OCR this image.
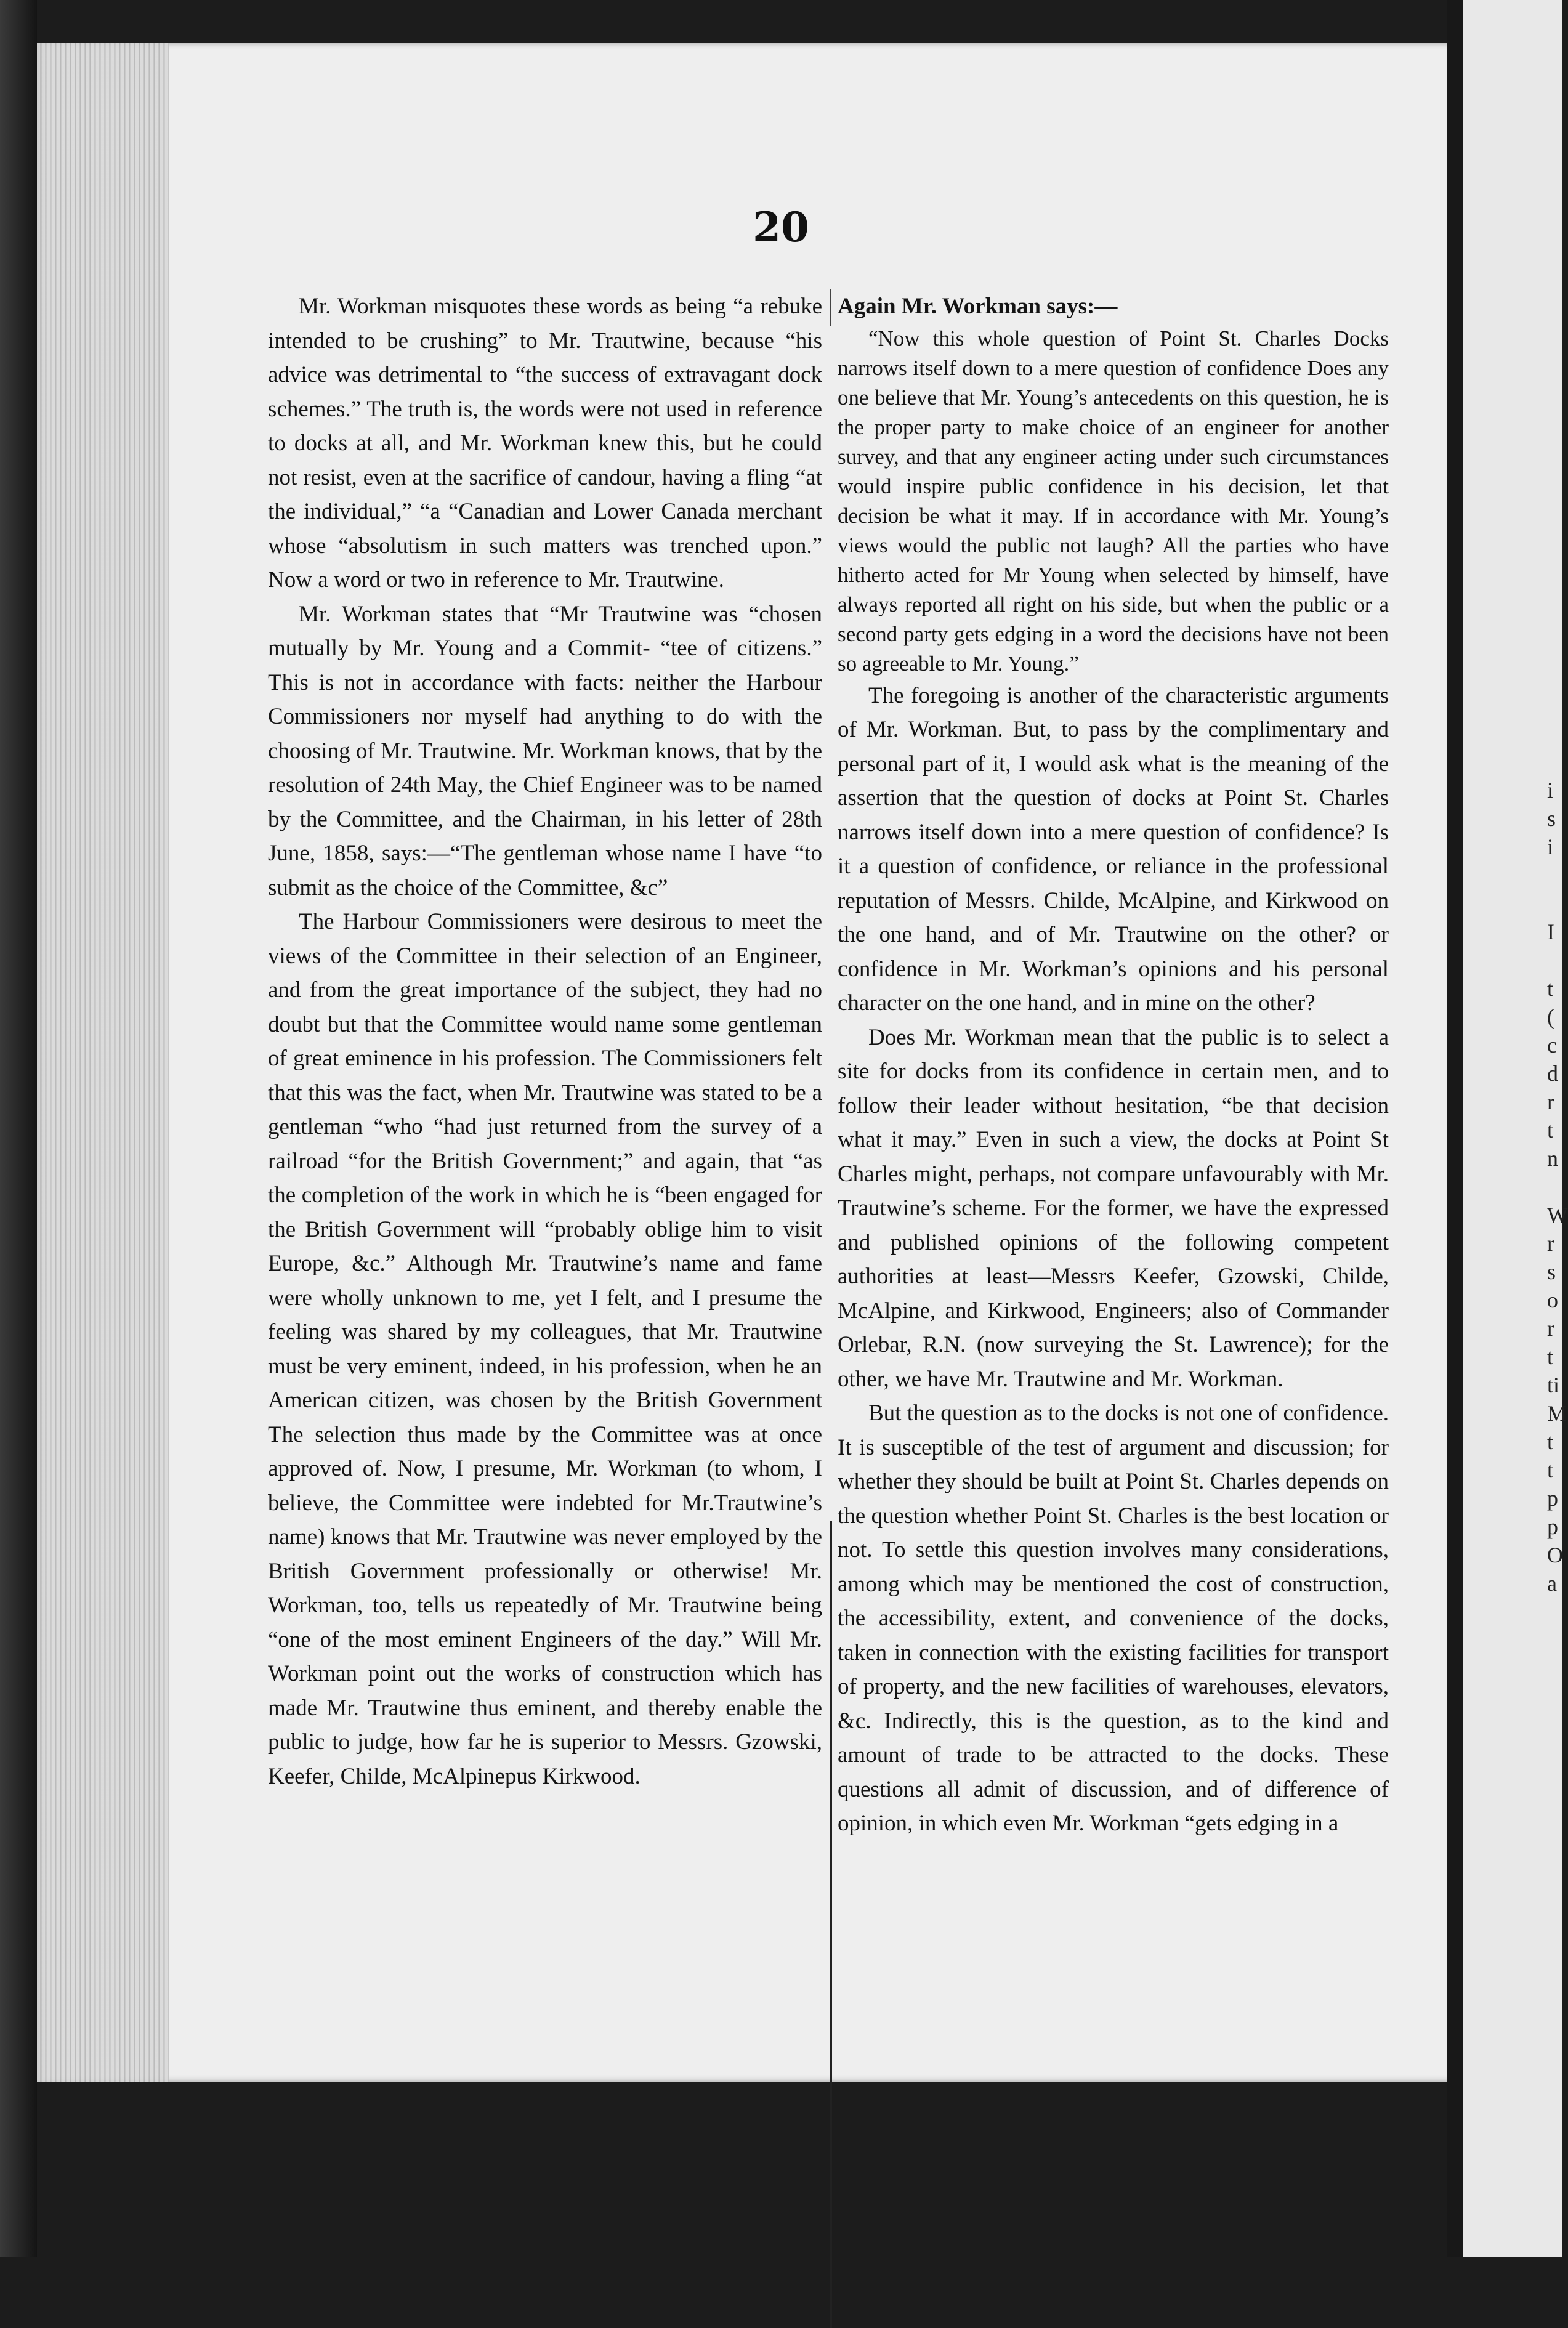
i
s
i

I

t
(
c
d
r
t
n

W
r
s
o
r
t
ti
M
t
t
p
p
O
a
20

Mr. Workman misquotes these words as being “a rebuke intended to be crushing” to Mr. Trautwine, because “his advice was detrimental to “the success of extravagant dock schemes.” The truth is, the words were not used in reference to docks at all, and Mr. Workman knew this, but he could not resist, even at the sacrifice of candour, having a fling “at the individual,” “a “Canadian and Lower Canada merchant whose “absolutism in such matters was trenched upon.” Now a word or two in reference to Mr. Trautwine.

Mr. Workman states that “Mr Trautwine was “chosen mutually by Mr. Young and a Commit- “tee of citizens.” This is not in accordance with facts: neither the Harbour Commissioners nor myself had anything to do with the choosing of Mr. Trautwine. Mr. Workman knows, that by the resolution of 24th May, the Chief Engineer was to be named by the Committee, and the Chairman, in his letter of 28th June, 1858, says:—“The gentleman whose name I have “to submit as the choice of the Committee, &c”

The Harbour Commissioners were desirous to meet the views of the Committee in their selection of an Engineer, and from the great importance of the subject, they had no doubt but that the Committee would name some gentleman of great eminence in his profession. The Commissioners felt that this was the fact, when Mr. Trautwine was stated to be a gentleman “who “had just returned from the survey of a railroad “for the British Government;” and again, that “as the completion of the work in which he is “been engaged for the British Government will “probably oblige him to visit Europe, &c.” Although Mr. Trautwine’s name and fame were wholly unknown to me, yet I felt, and I presume the feeling was shared by my colleagues, that Mr. Trautwine must be very eminent, indeed, in his profession, when he an American citizen, was chosen by the British Government The selection thus made by the Committee was at once approved of. Now, I presume, Mr. Workman (to whom, I believe, the Committee were indebted for Mr.Trautwine’s name) knows that Mr. Trautwine was never employed by the British Government professionally or otherwise! Mr. Workman, too, tells us repeatedly of Mr. Trautwine being “one of the most eminent Engineers of the day.” Will Mr. Workman point out the works of construction which has made Mr. Trautwine thus eminent, and thereby enable the public to judge, how far he is superior to Messrs. Gzowski, Keefer, Childe, McAlpinepus Kirkwood.

Again Mr. Workman says:—

“Now this whole question of Point St. Charles Docks narrows itself down to a mere question of confidence Does any one believe that Mr. Young’s antecedents on this question, he is the proper party to make choice of an engineer for another survey, and that any engineer acting under such circumstances would inspire public confidence in his decision, let that decision be what it may. If in accordance with Mr. Young’s views would the public not laugh? All the parties who have hitherto acted for Mr Young when selected by himself, have always reported all right on his side, but when the public or a second party gets edging in a word the decisions have not been so agreeable to Mr. Young.”

The foregoing is another of the characteristic arguments of Mr. Workman. But, to pass by the complimentary and personal part of it, I would ask what is the meaning of the assertion that the question of docks at Point St. Charles narrows itself down into a mere question of confidence? Is it a question of confidence, or reliance in the professional reputation of Messrs. Childe, McAlpine, and Kirkwood on the one hand, and of Mr. Trautwine on the other? or confidence in Mr. Workman’s opinions and his personal character on the one hand, and in mine on the other?

Does Mr. Workman mean that the public is to select a site for docks from its confidence in certain men, and to follow their leader without hesitation, “be that decision what it may.” Even in such a view, the docks at Point St Charles might, perhaps, not compare unfavourably with Mr. Trautwine’s scheme. For the former, we have the expressed and published opinions of the following competent authorities at least—Messrs Keefer, Gzowski, Childe, McAlpine, and Kirkwood, Engineers; also of Commander Orlebar, R.N. (now surveying the St. Lawrence); for the other, we have Mr. Trautwine and Mr. Workman.

But the question as to the docks is not one of confidence. It is susceptible of the test of argument and discussion; for whether they should be built at Point St. Charles depends on the question whether Point St. Charles is the best location or not. To settle this question involves many considerations, among which may be mentioned the cost of construction, the accessibility, extent, and convenience of the docks, taken in connection with the existing facilities for transport of property, and the new facilities of warehouses, elevators, &c. Indirectly, this is the question, as to the kind and amount of trade to be attracted to the docks. These questions all admit of discussion, and of difference of opinion, in which even Mr. Workman “gets edging in a
